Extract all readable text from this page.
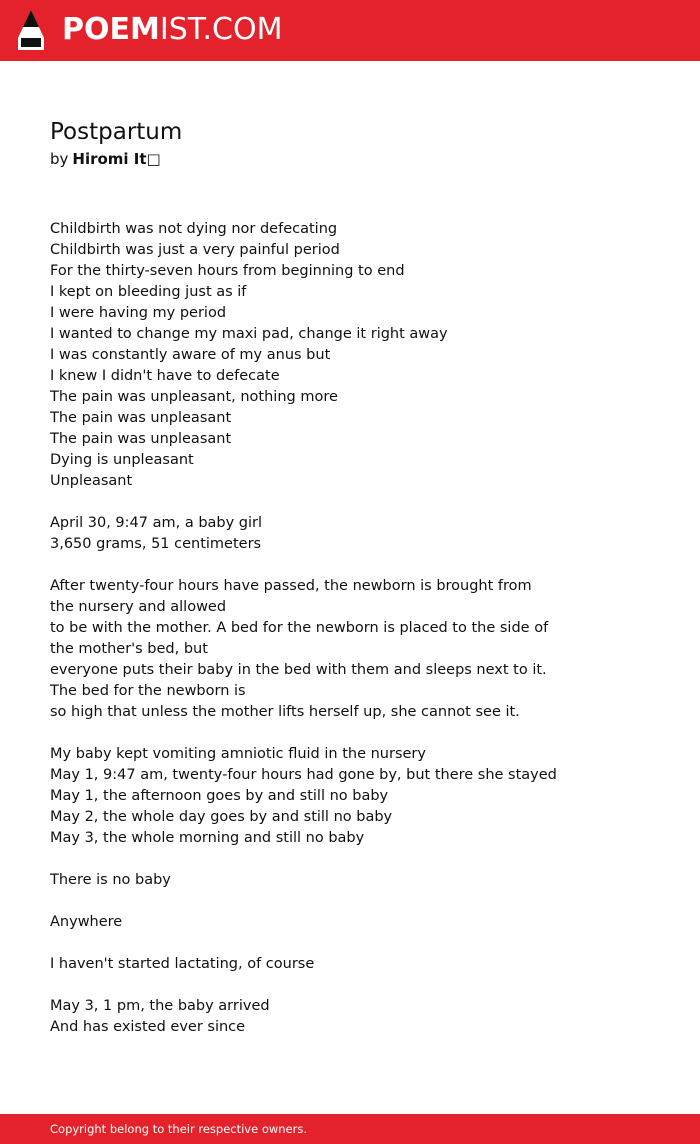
POEMIST.COM
Postpartum
by Hiromi It□
Childbirth was not dying nor defecating
Childbirth was just a very painful period
For the thirty-seven hours from beginning to end
I kept on bleeding just as if
I were having my period
I wanted to change my maxi pad, change it right away
I was constantly aware of my anus but
I knew I didn't have to defecate
The pain was unpleasant, nothing more
The pain was unpleasant
The pain was unpleasant
Dying is unpleasant
Unpleasant
April 30, 9:47 am, a baby girl
3,650 grams, 51 centimeters
After twenty-four hours have passed, the newborn is brought from the nursery and allowed
to be with the mother. A bed for the newborn is placed to the side of the mother's bed, but
everyone puts their baby in the bed with them and sleeps next to it. The bed for the newborn is
so high that unless the mother lifts herself up, she cannot see it.
My baby kept vomiting amniotic fluid in the nursery
May 1, 9:47 am, twenty-four hours had gone by, but there she stayed
May 1, the afternoon goes by and still no baby
May 2, the whole day goes by and still no baby
May 3, the whole morning and still no baby
There is no baby
Anywhere
I haven't started lactating, of course
May 3, 1 pm, the baby arrived
And has existed ever since
Copyright belong to their respective owners.
